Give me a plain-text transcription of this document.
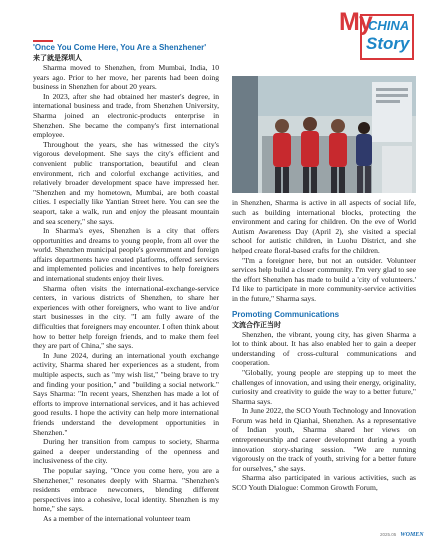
My
CHINA
Story

'Once You Come Here, You Are a Shenzhener'

来了就是深圳人

Sharma moved to Shenzhen, from Mumbai, India, 10 years ago. Prior to her move, her parents had been doing business in Shenzhen for about 20 years.

In 2023, after she had obtained her master's degree, in international business and trade, from Shenzhen University, Sharma joined an electronic-products enterprise in Shenzhen. She became the company's first international employee.

Throughout the years, she has witnessed the city's vigorous development. She says the city's efficient and convenient public transportation, beautiful and clean environment, rich and colorful exchange activities, and relatively broader development space have impressed her. "Shenzhen and my hometown, Mumbai, are both coastal cities. I especially like Yantian Street here. You can see the seaport, take a walk, run and enjoy the pleasant mountain and sea scenery," she says.

In Sharma's eyes, Shenzhen is a city that offers opportunities and dreams to young people, from all over the world. Shenzhen municipal people's government and foreign affairs departments have created platforms, offered services and implemented policies and incentives to help foreigners and international students enjoy their lives.

Sharma often visits the international-exchange-service centers, in various districts of Shenzhen, to share her experiences with other foreigners, who want to live and/or start businesses in the city. "I am fully aware of the difficulties that foreigners may encounter. I often think about how to better help foreign friends, and to make them feel they are part of China," she says.

In June 2024, during an international youth exchange activity, Sharma shared her experiences as a student, from multiple aspects, such as "my wish list," "being brave to try and finding your position," and "building a social network." Says Sharma: "In recent years, Shenzhen has made a lot of efforts to improve international services, and it has achieved good results. I hope the activity can help more international friends understand the development opportunities in Shenzhen."

During her transition from campus to society, Sharma gained a deeper understanding of the openness and inclusiveness of the city.

The popular saying, "Once you come here, you are a Shenzhener," resonates deeply with Sharma. "Shenzhen's residents embrace newcomers, blending different perspectives into a cohesive, local identity. Shenzhen is my home," she says.

As a member of the international volunteer team

in Shenzhen, Sharma is active in all aspects of social life, such as building international blocks, protecting the environment and caring for children. On the eve of World Autism Awareness Day (April 2), she visited a special school for autistic children, in Luohu District, and she helped create floral-based crafts for the children.

"I'm a foreigner here, but not an outsider. Volunteer services help build a closer community. I'm very glad to see the effort Shenzhen has made to build a 'city of volunteers.' I'd like to participate in more community-service activities in the future," Sharma says.

Promoting Communications

文流合作正当时

Shenzhen, the vibrant, young city, has given Sharma a lot to think about. It has also enabled her to gain a deeper understanding of cross-cultural communications and cooperation.

"Globally, young people are stepping up to meet the challenges of innovation, and using their energy, originality, curiosity and creativity to guide the way to a better future," Sharma says.

In June 2022, the SCO Youth Technology and Innovation Forum was held in Qianhai, Shenzhen. As a representative of Indian youth, Sharma shared her views on entrepreneurship and career development during a youth innovation story-sharing session. "We are running vigorously on the track of youth, striving for a better future for ourselves," she says.

Sharma also participated in various activities, such as SCO Youth Dialogue: Common Growth Forum,

2025.05 WOMEN
